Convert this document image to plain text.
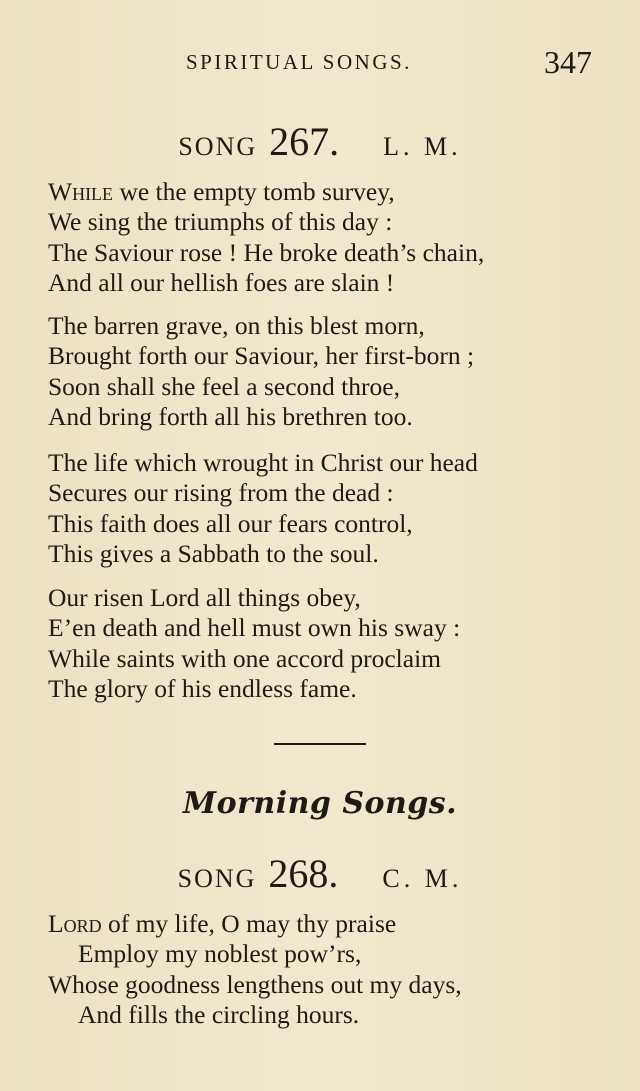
SPIRITUAL SONGS.	347
SONG 267. L. M.
While we the empty tomb survey,
We sing the triumphs of this day :
The Saviour rose ! He broke death’s chain,
And all our hellish foes are slain !
The barren grave, on this blest morn,
Brought forth our Saviour, her first-born ;
Soon shall she feel a second throe,
And bring forth all his brethren too.
The life which wrought in Christ our head
Secures our rising from the dead :
This faith does all our fears control,
This gives a Sabbath to the soul.
Our risen Lord all things obey,
E’en death and hell must own his sway :
While saints with one accord proclaim
The glory of his endless fame.
Morning Songs.
SONG 268. C. M.
Lord of my life, O may thy praise
Employ my noblest pow’rs,
Whose goodness lengthens out my days,
And fills the circling hours.
